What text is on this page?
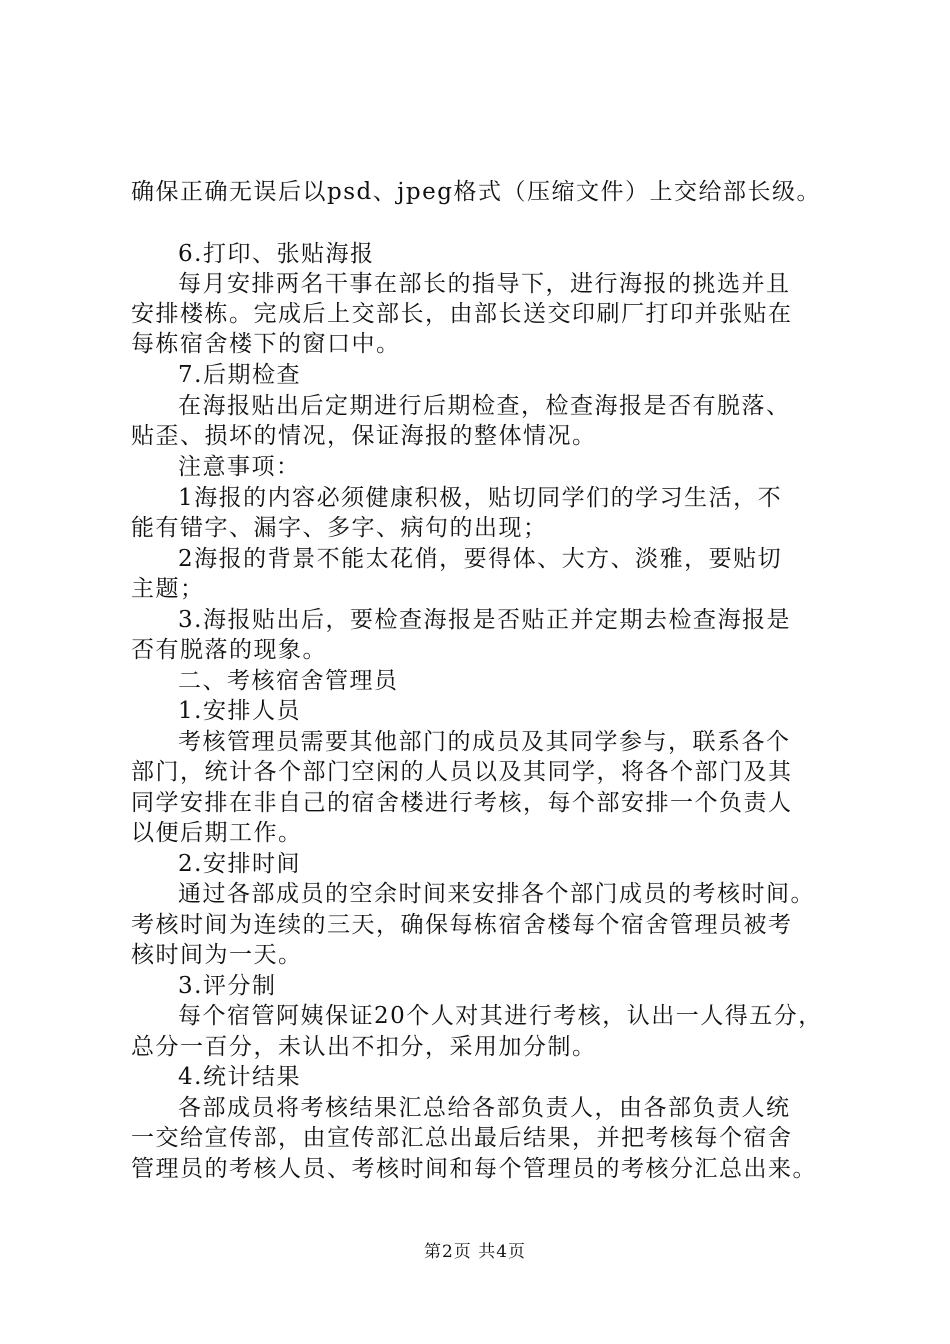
确保正确无误后以psd、jpeg格式（压缩文件）上交给部长级。
6.打印、张贴海报
每月安排两名干事在部长的指导下，进行海报的挑选并且
安排楼栋。完成后上交部长，由部长送交印刷厂打印并张贴在
每栋宿舍楼下的窗口中。
7.后期检查
在海报贴出后定期进行后期检查，检查海报是否有脱落、
贴歪、损坏的情况，保证海报的整体情况。
注意事项：
1海报的内容必须健康积极，贴切同学们的学习生活，不
能有错字、漏字、多字、病句的出现；
2海报的背景不能太花俏，要得体、大方、淡雅，要贴切
主题；
3.海报贴出后，要检查海报是否贴正并定期去检查海报是
否有脱落的现象。
二、考核宿舍管理员
1.安排人员
考核管理员需要其他部门的成员及其同学参与，联系各个
部门，统计各个部门空闲的人员以及其同学，将各个部门及其
同学安排在非自己的宿舍楼进行考核，每个部安排一个负责人
以便后期工作。
2.安排时间
通过各部成员的空余时间来安排各个部门成员的考核时间。
考核时间为连续的三天，确保每栋宿舍楼每个宿舍管理员被考
核时间为一天。
3.评分制
每个宿管阿姨保证20个人对其进行考核，认出一人得五分，
总分一百分，未认出不扣分，采用加分制。
4.统计结果
各部成员将考核结果汇总给各部负责人，由各部负责人统
一交给宣传部，由宣传部汇总出最后结果，并把考核每个宿舍
管理员的考核人员、考核时间和每个管理员的考核分汇总出来。
第2页 共4页
